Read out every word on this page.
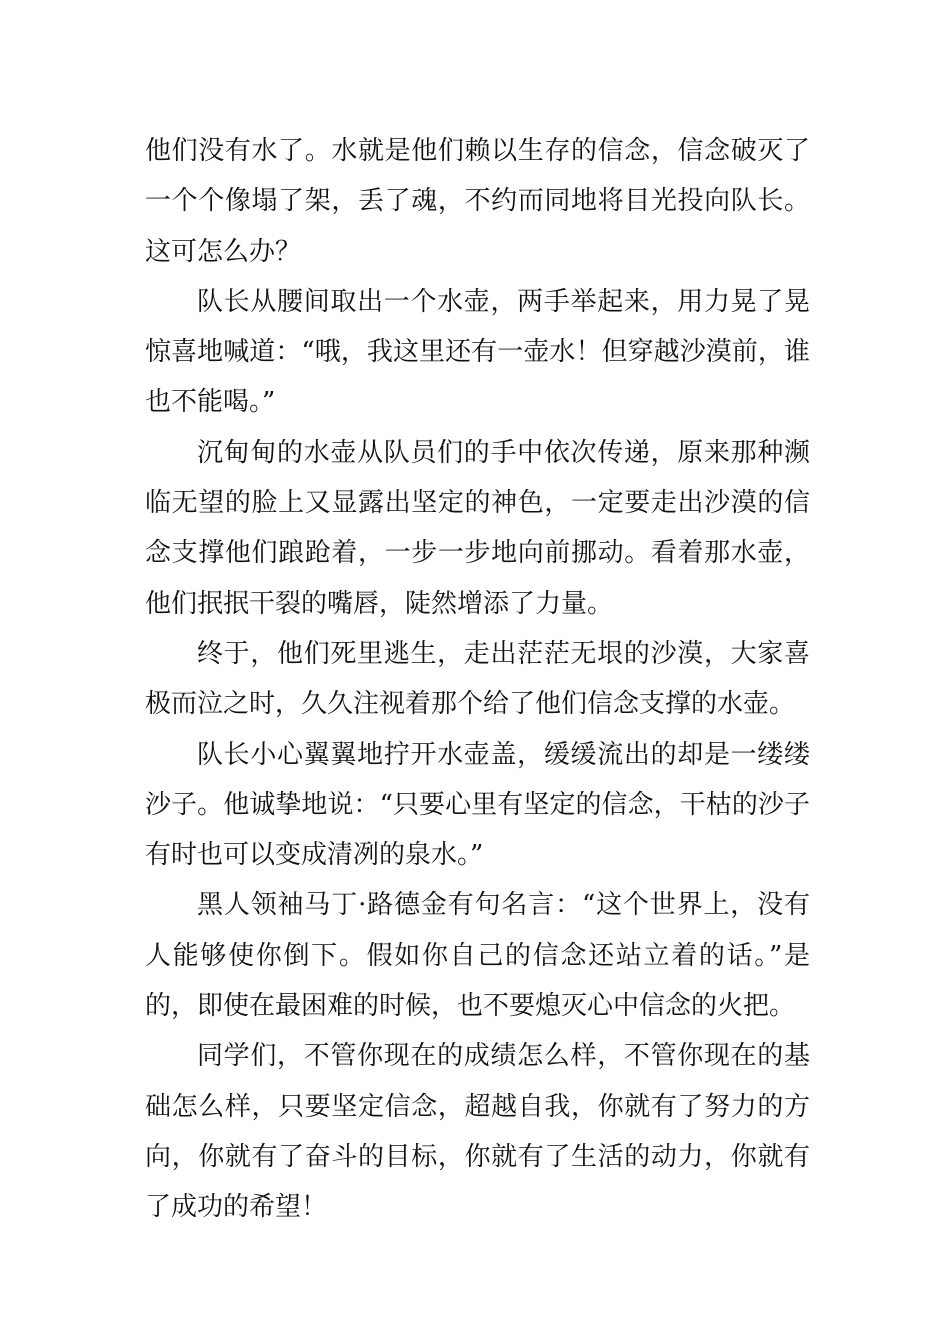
他们没有水了。水就是他们赖以生存的信念，信念破灭了一个个像塌了架，丢了魂，不约而同地将目光投向队长。这可怎么办？

队长从腰间取出一个水壶，两手举起来，用力晃了晃惊喜地喊道：“哦，我这里还有一壶水！但穿越沙漠前，谁也不能喝。”

沉甸甸的水壶从队员们的手中依次传递，原来那种濒临无望的脸上又显露出坚定的神色，一定要走出沙漠的信念支撑他们踉跄着，一步一步地向前挪动。看着那水壶，他们抿抿干裂的嘴唇，陡然增添了力量。

终于，他们死里逃生，走出茫茫无垠的沙漠，大家喜极而泣之时，久久注视着那个给了他们信念支撑的水壶。

队长小心翼翼地拧开水壶盖，缓缓流出的却是一缕缕沙子。他诚挚地说：“只要心里有坚定的信念，干枯的沙子有时也可以变成清冽的泉水。”

黑人领袖马丁·路德金有句名言：“这个世界上，没有人能够使你倒下。假如你自己的信念还站立着的话。”是的，即使在最困难的时候，也不要熄灭心中信念的火把。

同学们，不管你现在的成绩怎么样，不管你现在的基础怎么样，只要坚定信念，超越自我，你就有了努力的方向，你就有了奋斗的目标，你就有了生活的动力，你就有了成功的希望！
